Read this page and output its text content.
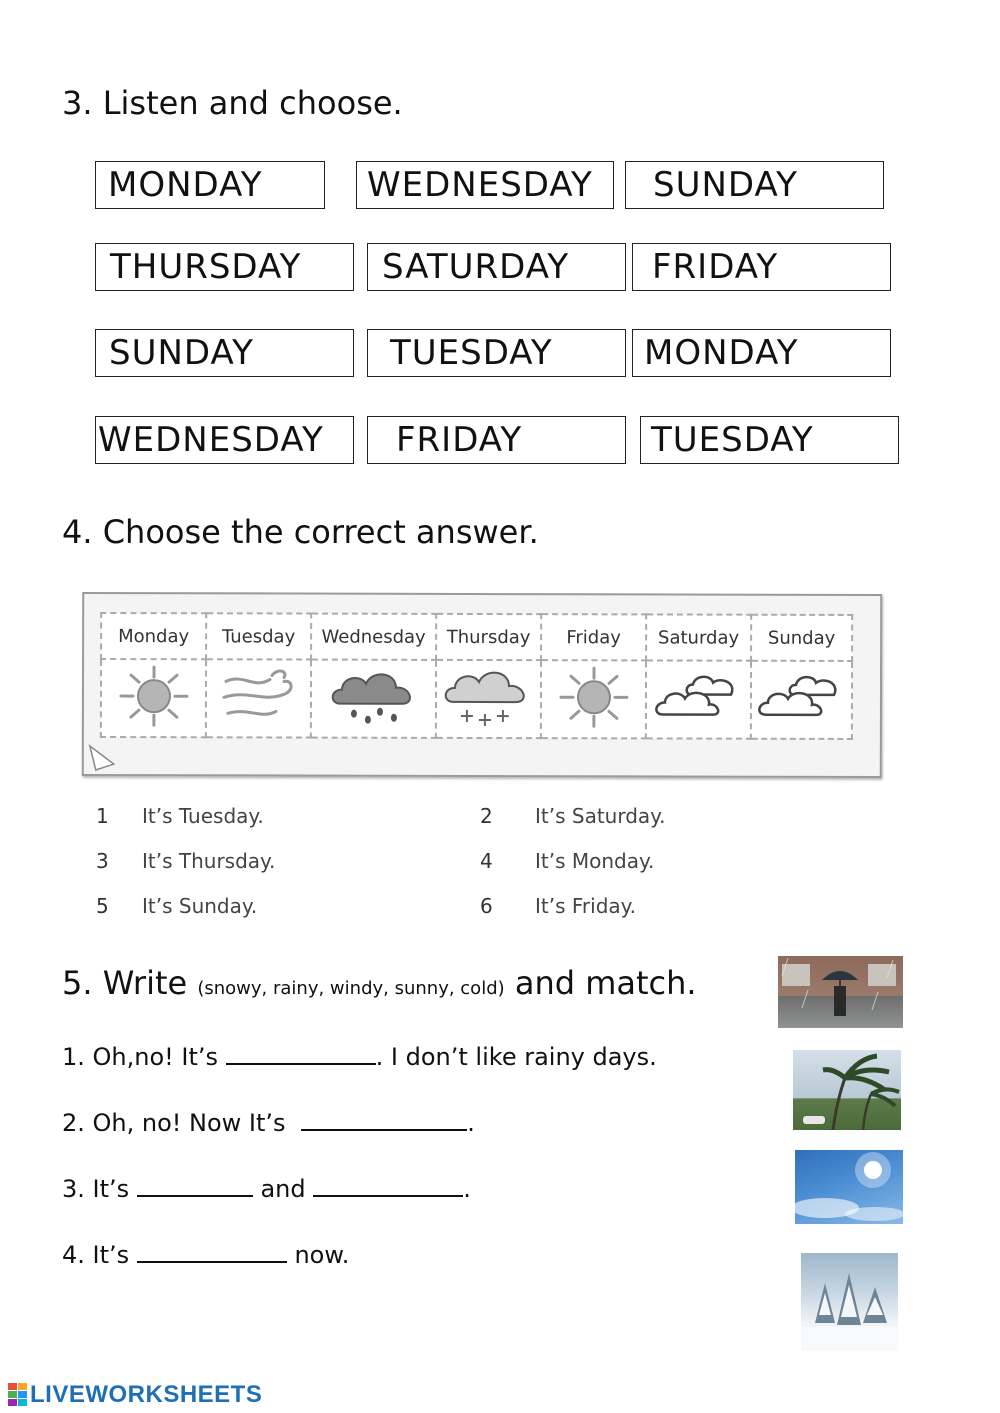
3. Listen and choose.
MONDAY	WEDNESDAY	SUNDAY
THURSDAY	SATURDAY	FRIDAY
SUNDAY	TUESDAY	MONDAY
WEDNESDAY	FRIDAY	TUESDAY
4. Choose the correct answer.
Monday	Tuesday	Wednesday	Thursday	Friday	Saturday	Sunday

1 It’s Tuesday.	2 It’s Saturday.
3 It’s Thursday.	4 It’s Monday.
5 It’s Sunday.	6 It’s Friday.
5. Write (snowy, rainy, windy, sunny, cold) and match.
1. Oh,no! It’s	. I don’t like rainy days.
2. Oh, no! Now It’s	.
3. It’s	and	.
4. It’s	now.
LIVEWORKSHEETS
